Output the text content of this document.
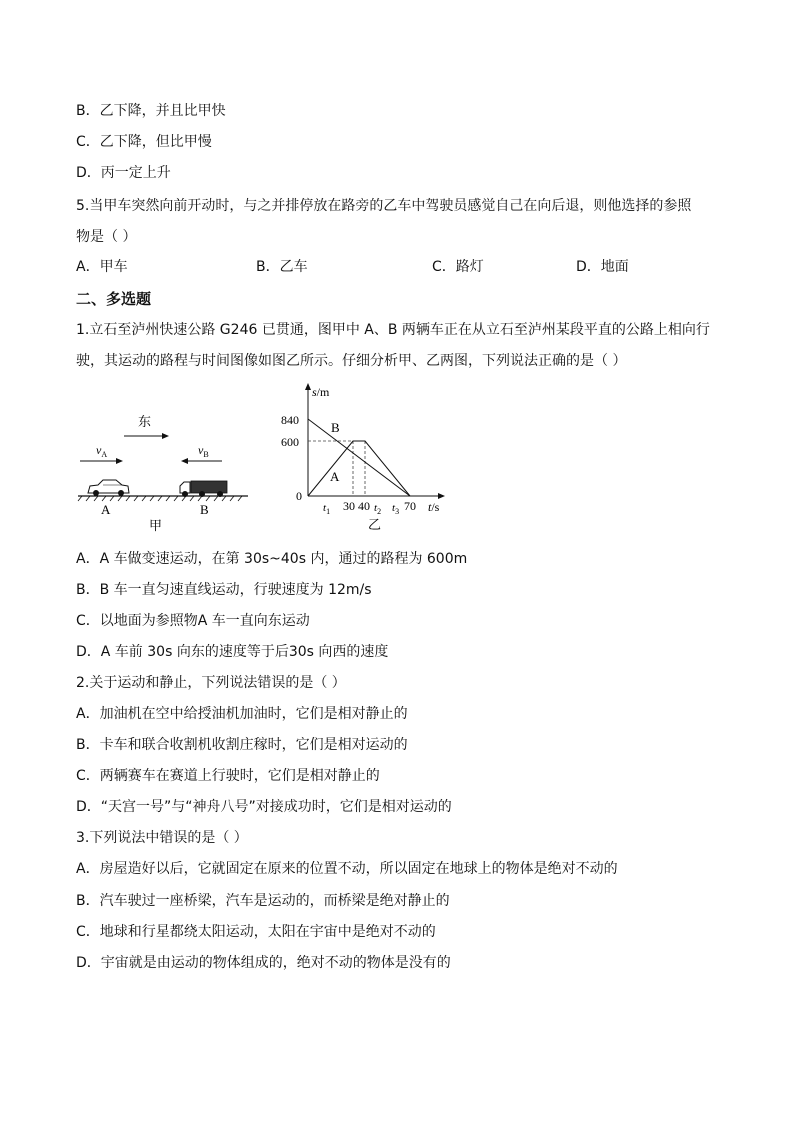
B．乙下降，并且比甲快
C．乙下降，但比甲慢
D．丙一定上升
5.当甲车突然向前开动时，与之并排停放在路旁的乙车中驾驶员感觉自己在向后退，则他选择的参照
物是（ ）
A．甲车	B．乙车	C．路灯	D．地面
二、多选题
1.立石至泸州快速公路 G246 已贯通，图甲中 A、B 两辆车正在从立石至泸州某段平直的公路上相向行
驶，其运动的路程与时间图像如图乙所示。仔细分析甲、乙两图，下列说法正确的是（ ）
东
$v_A$	$v_B$
A	B
甲
s/m
t/s
840
600
0
B
A
$t_1$ 30 40 $t_2$ $t_3$ 70
乙
A．A 车做变速运动，在第 30s~40s 内，通过的路程为 600m
B．B 车一直匀速直线运动，行驶速度为 12m/s
C．以地面为参照物A 车一直向东运动
D．A 车前 30s 向东的速度等于后30s 向西的速度
2.关于运动和静止，下列说法错误的是（ ）
A．加油机在空中给授油机加油时，它们是相对静止的
B．卡车和联合收割机收割庄稼时，它们是相对运动的
C．两辆赛车在赛道上行驶时，它们是相对静止的
D．“天宫一号”与“神舟八号”对接成功时，它们是相对运动的
3.下列说法中错误的是（ ）
A．房屋造好以后，它就固定在原来的位置不动，所以固定在地球上的物体是绝对不动的
B．汽车驶过一座桥梁，汽车是运动的，而桥梁是绝对静止的
C．地球和行星都绕太阳运动，太阳在宇宙中是绝对不动的
D．宇宙就是由运动的物体组成的，绝对不动的物体是没有的
